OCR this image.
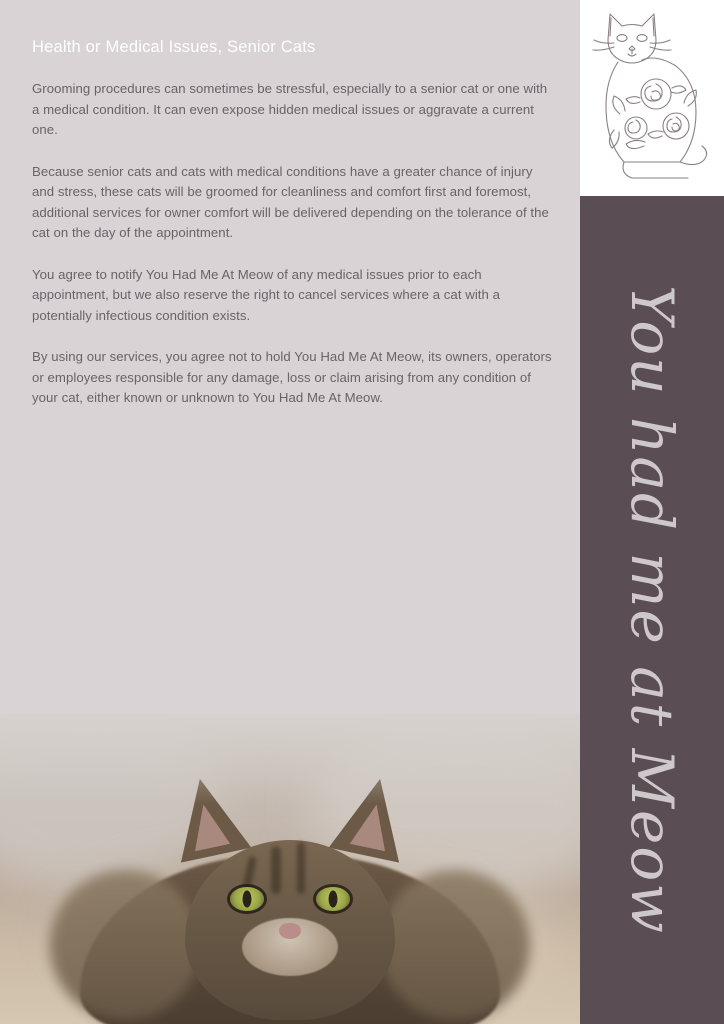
Health or Medical Issues, Senior Cats

Grooming procedures can sometimes be stressful, especially to a senior cat or one with a medical condition. It can even expose hidden medical issues or aggravate a current one.

Because senior cats and cats with medical conditions have a greater chance of injury and stress, these cats will be groomed for cleanliness and comfort first and foremost, additional services for owner comfort will be delivered depending on the tolerance of the cat on the day of the appointment.

You agree to notify You Had Me At Meow of any medical issues prior to each appointment, but we also reserve the right to cancel services where a cat with a potentially infectious condition exists.

By using our services, you agree not to hold You Had Me At Meow, its owners, operators or employees responsible for any damage, loss or claim arising from any condition of your cat, either known or unknown to You Had Me At Meow.	You had me at Meow
